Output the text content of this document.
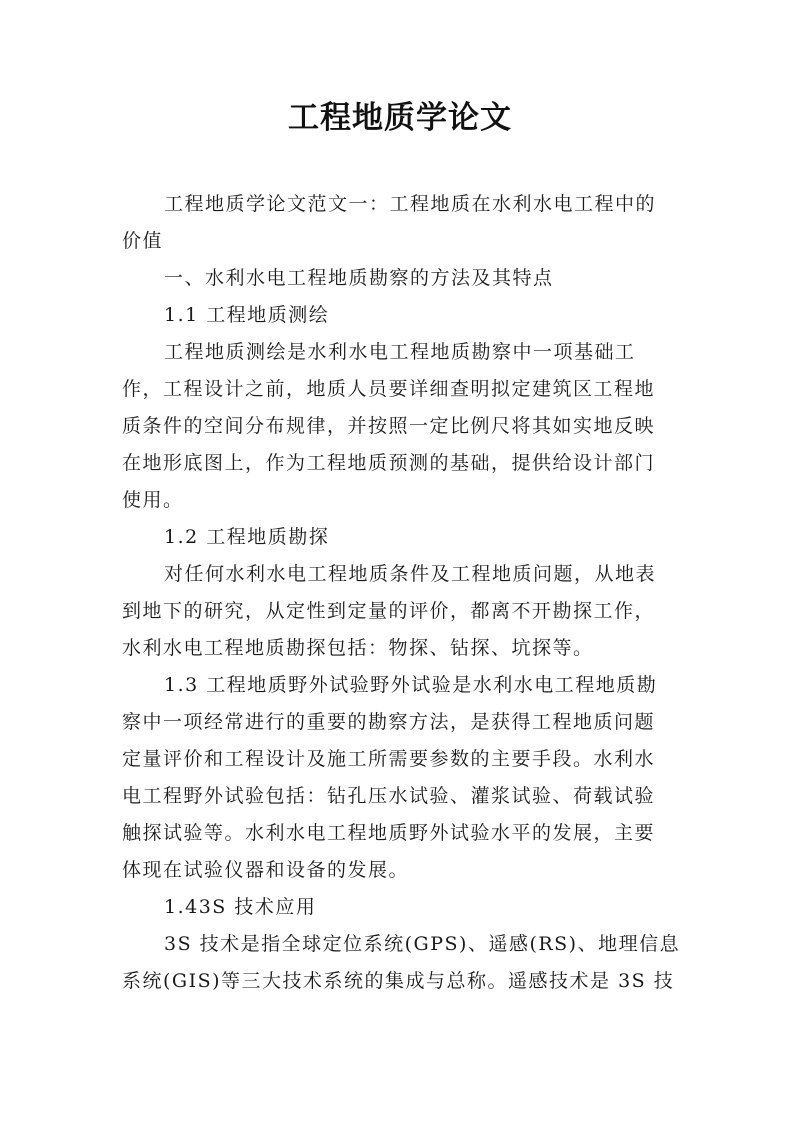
工程地质学论文
工程地质学论文范文一：工程地质在水利水电工程中的
价值
一、水利水电工程地质勘察的方法及其特点
1.1 工程地质测绘
工程地质测绘是水利水电工程地质勘察中一项基础工
作，工程设计之前，地质人员要详细查明拟定建筑区工程地
质条件的空间分布规律，并按照一定比例尺将其如实地反映
在地形底图上，作为工程地质预测的基础，提供给设计部门
使用。
1.2 工程地质勘探
对任何水利水电工程地质条件及工程地质问题，从地表
到地下的研究，从定性到定量的评价，都离不开勘探工作，
水利水电工程地质勘探包括：物探、钻探、坑探等。
1.3 工程地质野外试验野外试验是水利水电工程地质勘
察中一项经常进行的重要的勘察方法，是获得工程地质问题
定量评价和工程设计及施工所需要参数的主要手段。水利水
电工程野外试验包括：钻孔压水试验、灌浆试验、荷载试验
触探试验等。水利水电工程地质野外试验水平的发展，主要
体现在试验仪器和设备的发展。
1.43S 技术应用
3S 技术是指全球定位系统(GPS)、遥感(RS)、地理信息
系统(GIS)等三大技术系统的集成与总称。遥感技术是 3S 技
